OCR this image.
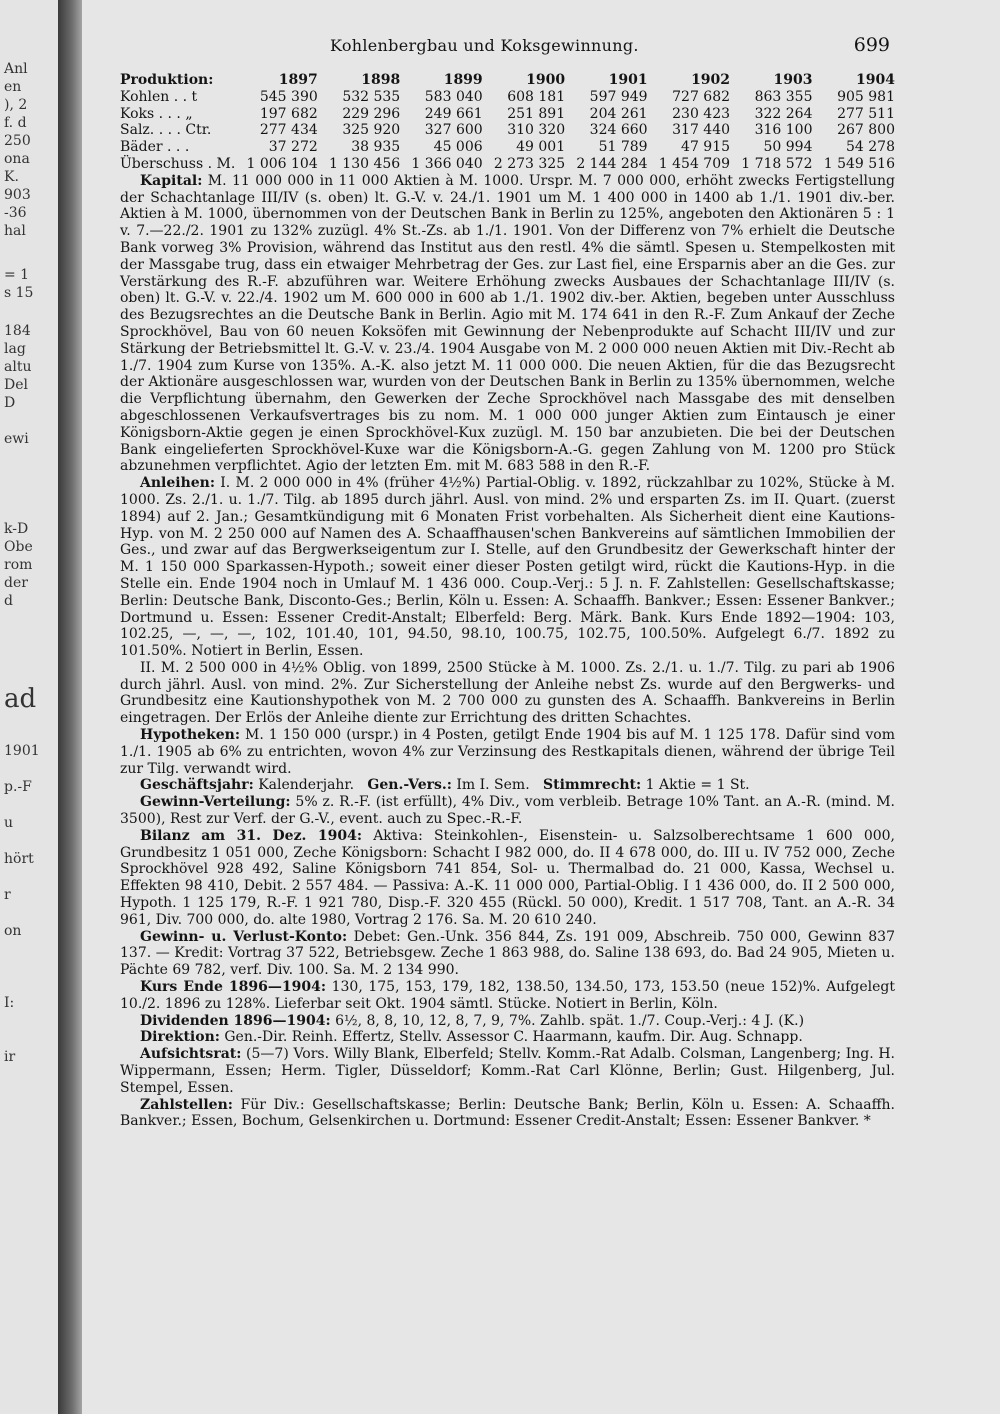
Anl
en
), 2
f. d
250
ona
K.
903
-36
hal
= 1
s 15
184
lag
altu
Del
D
ewi
k-D
Obe
rom
der
d
ad
1901
p.-F
u
hört
r
on
I:
ir
Kohlenbergbau und Koksgewinnung.	699
Produktion:	1897	1898	1899	1900	1901	1902	1903	1904
Kohlen . . t	545 390	532 535	583 040	608 181	597 949	727 682	863 355	905 981
Koks . . . „	197 682	229 296	249 661	251 891	204 261	230 423	322 264	277 511
Salz. . . . Ctr.	277 434	325 920	327 600	310 320	324 660	317 440	316 100	267 800
Bäder . . .	37 272	38 935	45 006	49 001	51 789	47 915	50 994	54 278
Überschuss . M.	1 006 104	1 130 456	1 366 040	2 273 325	2 144 284	1 454 709	1 718 572	1 549 516

Kapital: M. 11 000 000 in 11 000 Aktien à M. 1000. Urspr. M. 7 000 000, erhöht zwecks Fertigstellung der Schachtanlage III/IV (s. oben) lt. G.-V. v. 24./1. 1901 um M. 1 400 000 in 1400 ab 1./1. 1901 div.-ber. Aktien à M. 1000, übernommen von der Deutschen Bank in Berlin zu 125%, angeboten den Aktionären 5 : 1 v. 7.—22./2. 1901 zu 132% zuzügl. 4% St.-Zs. ab 1./1. 1901. Von der Differenz von 7% erhielt die Deutsche Bank vorweg 3% Provision, während das Institut aus den restl. 4% die sämtl. Spesen u. Stempelkosten mit der Massgabe trug, dass ein etwaiger Mehrbetrag der Ges. zur Last fiel, eine Ersparnis aber an die Ges. zur Verstärkung des R.-F. abzuführen war. Weitere Erhöhung zwecks Ausbaues der Schachtanlage III/IV (s. oben) lt. G.-V. v. 22./4. 1902 um M. 600 000 in 600 ab 1./1. 1902 div.-ber. Aktien, begeben unter Ausschluss des Bezugsrechtes an die Deutsche Bank in Berlin. Agio mit M. 174 641 in den R.-F. Zum Ankauf der Zeche Sprockhövel, Bau von 60 neuen Koksöfen mit Gewinnung der Nebenprodukte auf Schacht III/IV und zur Stärkung der Betriebsmittel lt. G.-V. v. 23./4. 1904 Ausgabe von M. 2 000 000 neuen Aktien mit Div.-Recht ab 1./7. 1904 zum Kurse von 135%. A.-K. also jetzt M. 11 000 000. Die neuen Aktien, für die das Bezugsrecht der Aktionäre ausgeschlossen war, wurden von der Deutschen Bank in Berlin zu 135% übernommen, welche die Verpflichtung übernahm, den Gewerken der Zeche Sprockhövel nach Massgabe des mit denselben abgeschlossenen Verkaufsvertrages bis zu nom. M. 1 000 000 junger Aktien zum Eintausch je einer Königsborn-Aktie gegen je einen Sprockhövel-Kux zuzügl. M. 150 bar anzubieten. Die bei der Deutschen Bank eingelieferten Sprockhövel-Kuxe war die Königsborn-A.-G. gegen Zahlung von M. 1200 pro Stück abzunehmen verpflichtet. Agio der letzten Em. mit M. 683 588 in den R.-F.

Anleihen: I. M. 2 000 000 in 4% (früher 4½%) Partial-Oblig. v. 1892, rückzahlbar zu 102%, Stücke à M. 1000. Zs. 2./1. u. 1./7. Tilg. ab 1895 durch jährl. Ausl. von mind. 2% und ersparten Zs. im II. Quart. (zuerst 1894) auf 2. Jan.; Gesamtkündigung mit 6 Monaten Frist vorbehalten. Als Sicherheit dient eine Kautions-Hyp. von M. 2 250 000 auf Namen des A. Schaaffhausen'schen Bankvereins auf sämtlichen Immobilien der Ges., und zwar auf das Bergwerkseigentum zur I. Stelle, auf den Grundbesitz der Gewerkschaft hinter der M. 1 150 000 Sparkassen-Hypoth.; soweit einer dieser Posten getilgt wird, rückt die Kautions-Hyp. in die Stelle ein. Ende 1904 noch in Umlauf M. 1 436 000. Coup.-Verj.: 5 J. n. F. Zahlstellen: Gesellschaftskasse; Berlin: Deutsche Bank, Disconto-Ges.; Berlin, Köln u. Essen: A. Schaaffh. Bankver.; Essen: Essener Bankver.; Dortmund u. Essen: Essener Credit-Anstalt; Elberfeld: Berg. Märk. Bank. Kurs Ende 1892—1904: 103, 102.25, —, —, —, 102, 101.40, 101, 94.50, 98.10, 100.75, 102.75, 100.50%. Aufgelegt 6./7. 1892 zu 101.50%. Notiert in Berlin, Essen.

II. M. 2 500 000 in 4½% Oblig. von 1899, 2500 Stücke à M. 1000. Zs. 2./1. u. 1./7. Tilg. zu pari ab 1906 durch jährl. Ausl. von mind. 2%. Zur Sicherstellung der Anleihe nebst Zs. wurde auf den Bergwerks- und Grundbesitz eine Kautionshypothek von M. 2 700 000 zu gunsten des A. Schaaffh. Bankvereins in Berlin eingetragen. Der Erlös der Anleihe diente zur Errichtung des dritten Schachtes.

Hypotheken: M. 1 150 000 (urspr.) in 4 Posten, getilgt Ende 1904 bis auf M. 1 125 178. Dafür sind vom 1./1. 1905 ab 6% zu entrichten, wovon 4% zur Verzinsung des Restkapitals dienen, während der übrige Teil zur Tilg. verwandt wird.

Geschäftsjahr: Kalenderjahr. Gen.-Vers.: Im I. Sem. Stimmrecht: 1 Aktie = 1 St.

Gewinn-Verteilung: 5% z. R.-F. (ist erfüllt), 4% Div., vom verbleib. Betrage 10% Tant. an A.-R. (mind. M. 3500), Rest zur Verf. der G.-V., event. auch zu Spec.-R.-F.

Bilanz am 31. Dez. 1904: Aktiva: Steinkohlen-, Eisenstein- u. Salzsolberechtsame 1 600 000, Grundbesitz 1 051 000, Zeche Königsborn: Schacht I 982 000, do. II 4 678 000, do. III u. IV 752 000, Zeche Sprockhövel 928 492, Saline Königsborn 741 854, Sol- u. Thermalbad do. 21 000, Kassa, Wechsel u. Effekten 98 410, Debit. 2 557 484. — Passiva: A.-K. 11 000 000, Partial-Oblig. I 1 436 000, do. II 2 500 000, Hypoth. 1 125 179, R.-F. 1 921 780, Disp.-F. 320 455 (Rückl. 50 000), Kredit. 1 517 708, Tant. an A.-R. 34 961, Div. 700 000, do. alte 1980, Vortrag 2 176. Sa. M. 20 610 240.

Gewinn- u. Verlust-Konto: Debet: Gen.-Unk. 356 844, Zs. 191 009, Abschreib. 750 000, Gewinn 837 137. — Kredit: Vortrag 37 522, Betriebsgew. Zeche 1 863 988, do. Saline 138 693, do. Bad 24 905, Mieten u. Pächte 69 782, verf. Div. 100. Sa. M. 2 134 990.

Kurs Ende 1896—1904: 130, 175, 153, 179, 182, 138.50, 134.50, 173, 153.50 (neue 152)%. Aufgelegt 10./2. 1896 zu 128%. Lieferbar seit Okt. 1904 sämtl. Stücke. Notiert in Berlin, Köln.

Dividenden 1896—1904: 6½, 8, 8, 10, 12, 8, 7, 9, 7%. Zahlb. spät. 1./7. Coup.-Verj.: 4 J. (K.)

Direktion: Gen.-Dir. Reinh. Effertz, Stellv. Assessor C. Haarmann, kaufm. Dir. Aug. Schnapp.

Aufsichtsrat: (5—7) Vors. Willy Blank, Elberfeld; Stellv. Komm.-Rat Adalb. Colsman, Langenberg; Ing. H. Wippermann, Essen; Herm. Tigler, Düsseldorf; Komm.-Rat Carl Klönne, Berlin; Gust. Hilgenberg, Jul. Stempel, Essen.

Zahlstellen: Für Div.: Gesellschaftskasse; Berlin: Deutsche Bank; Berlin, Köln u. Essen: A. Schaaffh. Bankver.; Essen, Bochum, Gelsenkirchen u. Dortmund: Essener Credit-Anstalt; Essen: Essener Bankver. *
